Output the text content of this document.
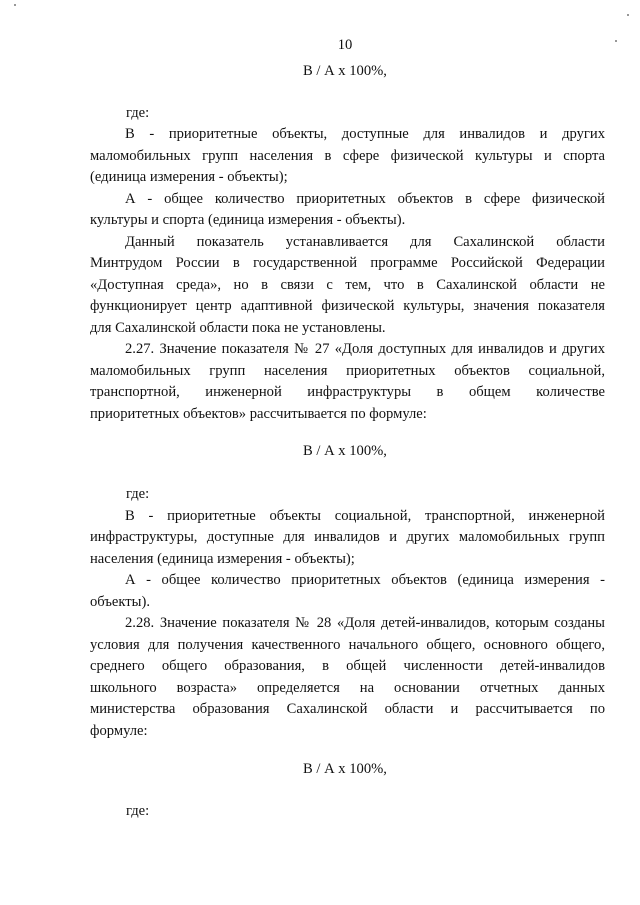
10
В / А х 100%,
где:
В - приоритетные объекты, доступные для инвалидов и других
маломобильных групп населения в сфере физической культуры и спорта
(единица измерения - объекты);
А - общее количество приоритетных объектов в сфере физической
культуры и спорта (единица измерения - объекты).
Данный показатель устанавливается для Сахалинской области
Минтрудом России в государственной программе Российской Федерации
«Доступная среда», но в связи с тем, что в Сахалинской области не
функционирует центр адаптивной физической культуры, значения показателя
для Сахалинской области пока не установлены.
2.27. Значение показателя № 27 «Доля доступных для инвалидов и других
маломобильных групп населения приоритетных объектов социальной,
транспортной, инженерной инфраструктуры в общем количестве
приоритетных объектов» рассчитывается по формуле:
В / А х 100%,
где:
В - приоритетные объекты социальной, транспортной, инженерной
инфраструктуры, доступные для инвалидов и других маломобильных групп
населения (единица измерения - объекты);
А - общее количество приоритетных объектов (единица измерения -
объекты).
2.28. Значение показателя № 28 «Доля детей-инвалидов, которым созданы
условия для получения качественного начального общего, основного общего,
среднего общего образования, в общей численности детей-инвалидов
школьного возраста» определяется на основании отчетных данных
министерства образования Сахалинской области и рассчитывается по
формуле:
В / А х 100%,
где:
